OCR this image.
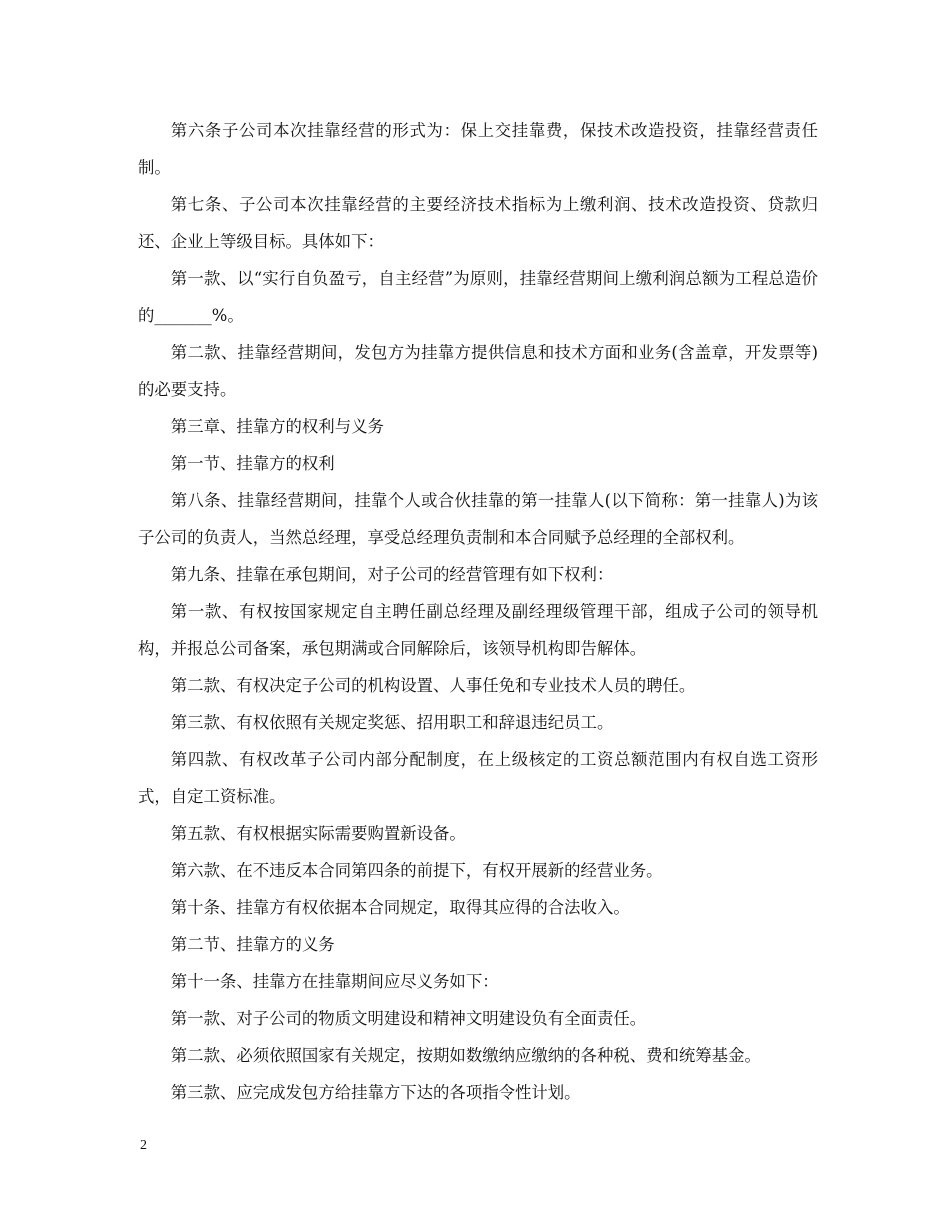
第六条子公司本次挂靠经营的形式为：保上交挂靠费，保技术改造投资，挂靠经营责任制。

第七条、子公司本次挂靠经营的主要经济技术指标为上缴利润、技术改造投资、贷款归还、企业上等级目标。具体如下：

第一款、以“实行自负盈亏，自主经营”为原则，挂靠经营期间上缴利润总额为工程总造价的_______%。

第二款、挂靠经营期间，发包方为挂靠方提供信息和技术方面和业务(含盖章，开发票等)的必要支持。

第三章、挂靠方的权利与义务

第一节、挂靠方的权利

第八条、挂靠经营期间，挂靠个人或合伙挂靠的第一挂靠人(以下简称：第一挂靠人)为该子公司的负责人，当然总经理，享受总经理负责制和本合同赋予总经理的全部权利。

第九条、挂靠在承包期间，对子公司的经营管理有如下权利：

第一款、有权按国家规定自主聘任副总经理及副经理级管理干部，组成子公司的领导机构，并报总公司备案，承包期满或合同解除后，该领导机构即告解体。

第二款、有权决定子公司的机构设置、人事任免和专业技术人员的聘任。

第三款、有权依照有关规定奖惩、招用职工和辞退违纪员工。

第四款、有权改革子公司内部分配制度，在上级核定的工资总额范围内有权自选工资形式，自定工资标准。

第五款、有权根据实际需要购置新设备。

第六款、在不违反本合同第四条的前提下，有权开展新的经营业务。

第十条、挂靠方有权依据本合同规定，取得其应得的合法收入。

第二节、挂靠方的义务

第十一条、挂靠方在挂靠期间应尽义务如下：

第一款、对子公司的物质文明建设和精神文明建设负有全面责任。

第二款、必须依照国家有关规定，按期如数缴纳应缴纳的各种税、费和统筹基金。

第三款、应完成发包方给挂靠方下达的各项指令性计划。

2
